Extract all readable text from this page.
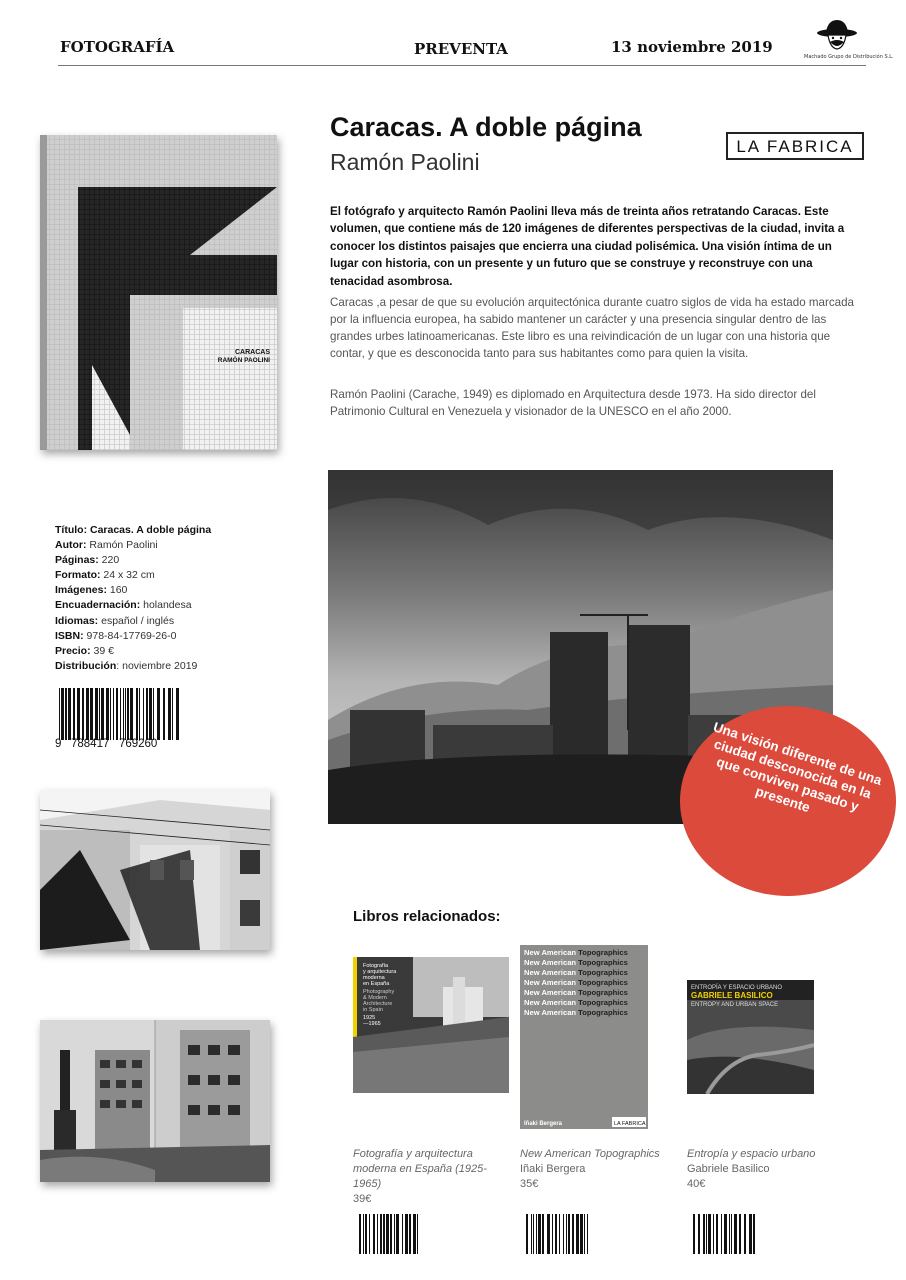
FOTOGRAFÍA	PREVENTA	13 noviembre 2019
Machado Grupo de Distribución S.L.
CARACAS
RAMÓN PAOLINI
Caracas. A doble página
Ramón Paolini
LA FABRICA

El fotógrafo y arquitecto Ramón Paolini lleva más de treinta años retratando Caracas. Este volumen, que contiene más de 120 imágenes de diferentes perspectivas de la ciudad, invita a conocer los distintos paisajes que encierra una ciudad polisémica. Una visión íntima de un lugar con historia, con un presente y un futuro que se construye y reconstruye con una tenacidad asombrosa.

Caracas ,a pesar de que su evolución arquitectónica durante cuatro siglos de vida ha estado marcada por la influencia europea, ha sabido mantener un carácter y una presencia singular dentro de las grandes urbes latinoamericanas. Este libro es una reivindicación de un lugar con una historia que contar, y que es desconocida tanto para sus habitantes como para quien la visita.

Ramón Paolini (Carache, 1949) es diplomado en Arquitectura desde 1973. Ha sido director del Patrimonio Cultural en Venezuela y visionador de la UNESCO en el año 2000.

Una visión diferente de una ciudad desconocida en la que conviven pasado y presente
Título: Caracas. A doble página
Autor: Ramón Paolini
Páginas: 220
Formato: 24 x 32 cm
Imágenes: 160
Encuadernación: holandesa
Idiomas: español / inglés
ISBN: 978-84-17769-26-0
Precio: 39 €
Distribución: noviembre 2019
9   788417   769260
Libros relacionados:
Fotografía
y arquitectura
moderna
en España
Photography
& Modern
Architecture
in Spain
1925
—1965
New American Topographics
New American Topographics
New American Topographics
New American Topographics
New American Topographics
New American Topographics
New American Topographics
Iñaki Bergera	LA FABRICA
ENTROPÍA Y ESPACIO URBANO
GABRIELE BASILICO
ENTROPY AND URBAN SPACE
Fotografía y arquitectura moderna en España (1925-1965)
39€
New American Topographics
Iñaki Bergera
35€
Entropía y espacio urbano
Gabriele Basilico
40€
